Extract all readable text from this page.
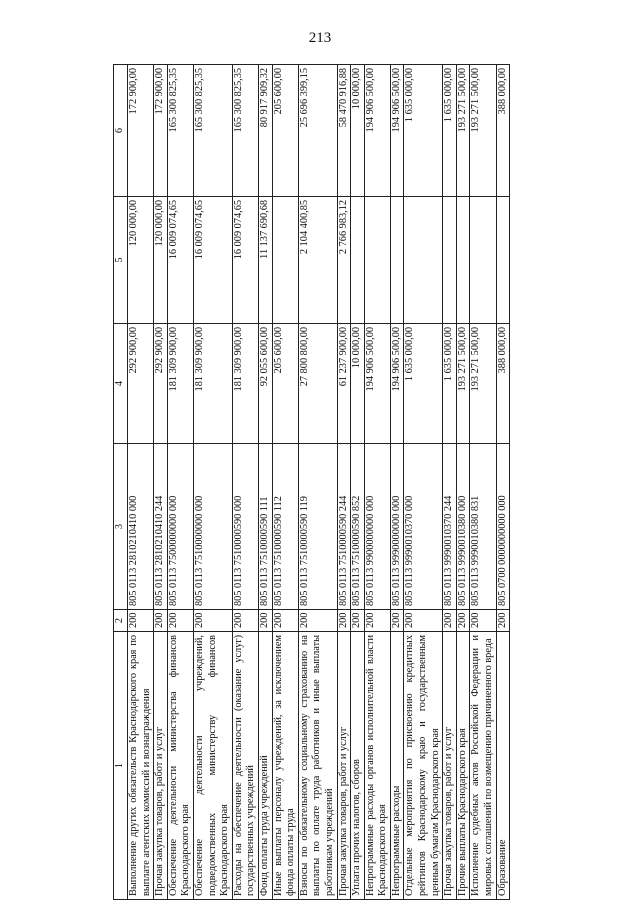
213
1	2	3	4	5	6
Выполнение других обязательств Краснодарского края по выплате агентских комиссий и вознаграждения	200	805 0113 2810210410 000	292 900,00	120 000,00	172 900,00
Прочая закупка товаров, работ и услуг	200	805 0113 2810210410 244	292 900,00	120 000,00	172 900,00
Обеспечение деятельности министерства финансов Краснодарского края	200	805 0113 7500000000 000	181 309 900,00	16 009 074,65	165 300 825,35
Обеспечение деятельности учреждений, подведомственных министерству финансов Краснодарского края	200	805 0113 7510000000 000	181 309 900,00	16 009 074,65	165 300 825,35
Расходы на обеспечение деятельности (оказание услуг) государственных учреждений	200	805 0113 7510000590 000	181 309 900,00	16 009 074,65	165 300 825,35
Фонд оплаты труда учреждений	200	805 0113 7510000590 111	92 055 600,00	11 137 690,68	80 917 909,32
Иные выплаты персоналу учреждений, за исключением фонда оплаты труда	200	805 0113 7510000590 112	205 600,00		205 600,00
Взносы по обязательному социальному страхованию на выплаты по оплате труда работников и иные выплаты работникам учреждений	200	805 0113 7510000590 119	27 800 800,00	2 104 400,85	25 696 399,15
Прочая закупка товаров, работ и услуг	200	805 0113 7510000590 244	61 237 900,00	2 766 983,12	58 470 916,88
Уплата прочих налогов, сборов	200	805 0113 7510000590 852	10 000,00		10 000,00
Непрограммные расходы органов исполнительной власти Краснодарского края	200	805 0113 9900000000 000	194 906 500,00		194 906 500,00
Непрограммные расходы	200	805 0113 9990000000 000	194 906 500,00		194 906 500,00
Отдельные мероприятия по присвоению кредитных рейтингов Краснодарскому краю и государственным ценным бумагам Краснодарского края	200	805 0113 9990010370 000	1 635 000,00		1 635 000,00
Прочая закупка товаров, работ и услуг	200	805 0113 9990010370 244	1 635 000,00		1 635 000,00
Прочие выплаты Краснодарского края	200	805 0113 9990010380 000	193 271 500,00		193 271 500,00
Исполнение судебных актов Российской Федерации и мировых соглашений по возмещению причиненного вреда	200	805 0113 9990010380 831	193 271 500,00		193 271 500,00
Образование	200	805 0700 0000000000 000	388 000,00		388 000,00
